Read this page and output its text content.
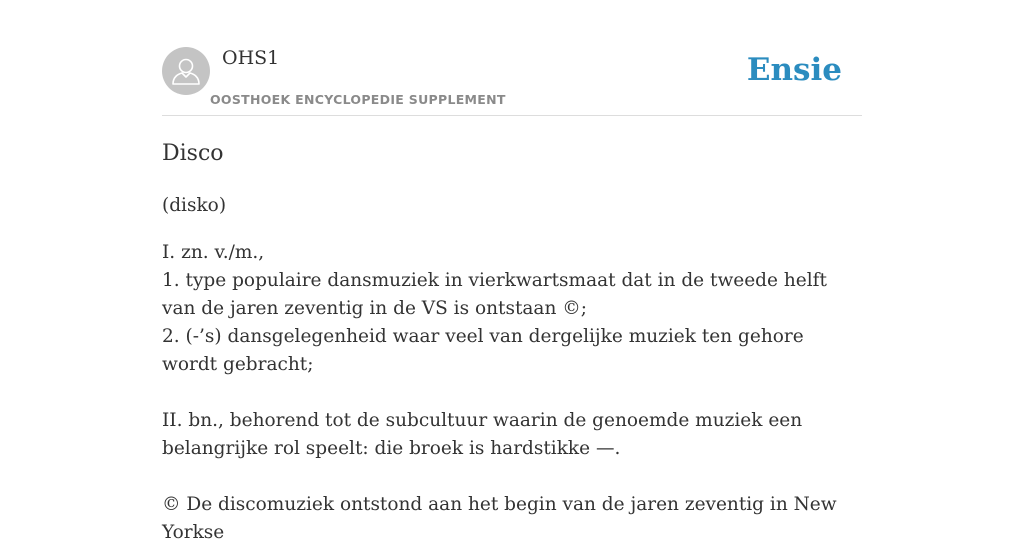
OHS1
OOSTHOEK ENCYCLOPEDIE SUPPLEMENT
Ensie
Disco

(disko)

I. zn. v./m.,

1. type populaire dansmuziek in vierkwartsmaat dat in de tweede helft van de jaren zeventig in de VS is ontstaan ©;

2. (-’s) dansgelegenheid waar veel van dergelijke muziek ten gehore wordt gebracht;

II. bn., behorend tot de subcultuur waarin de genoemde muziek een belangrijke rol speelt: die broek is hardstikke —.

© De discomuziek ontstond aan het begin van de jaren zeventig in New Yorkse
